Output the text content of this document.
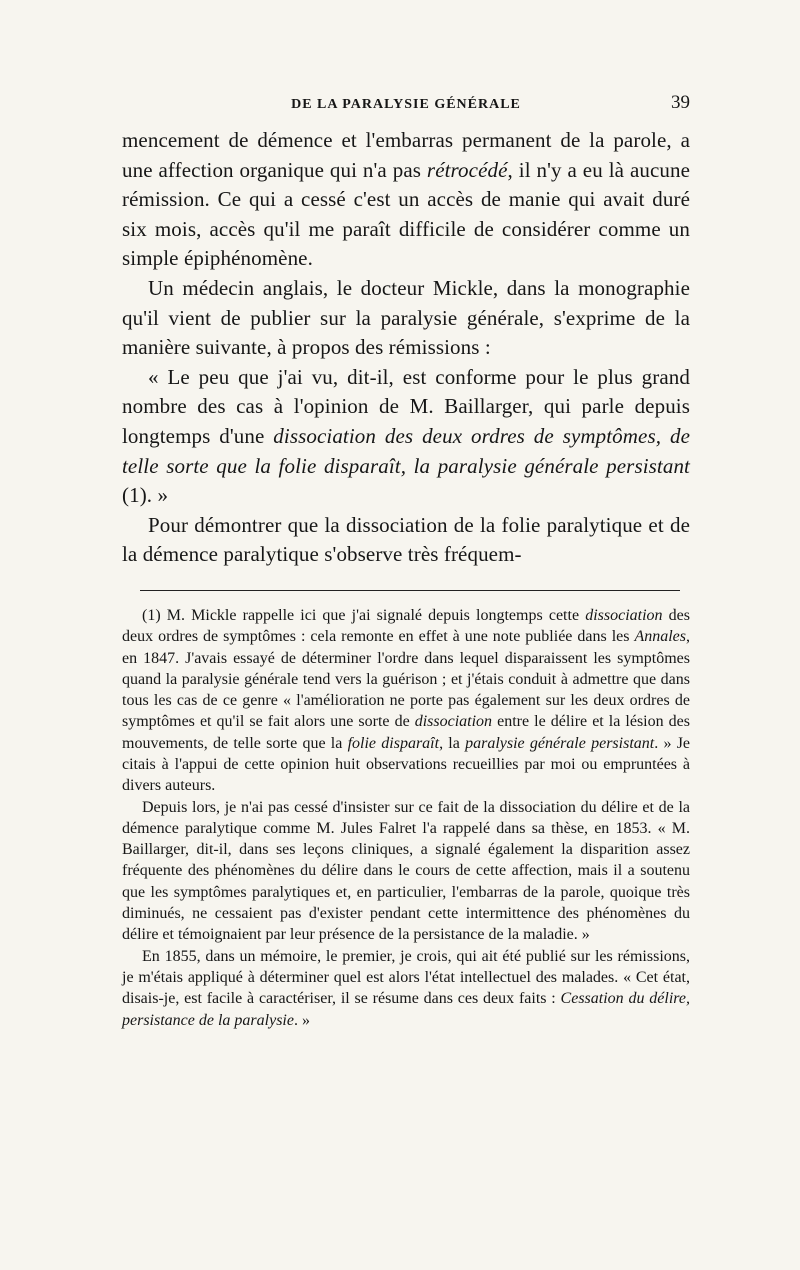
DE LA PARALYSIE GÉNÉRALE	39

mencement de démence et l'embarras permanent de la parole, a une affection organique qui n'a pas rétrocédé, il n'y a eu là aucune rémission. Ce qui a cessé c'est un accès de manie qui avait duré six mois, accès qu'il me paraît difficile de considérer comme un simple épiphénomène.

Un médecin anglais, le docteur Mickle, dans la monographie qu'il vient de publier sur la paralysie générale, s'exprime de la manière suivante, à propos des rémissions :

« Le peu que j'ai vu, dit-il, est conforme pour le plus grand nombre des cas à l'opinion de M. Baillarger, qui parle depuis longtemps d'une dissociation des deux ordres de symptômes, de telle sorte que la folie disparaît, la paralysie générale persistant (1). »

Pour démontrer que la dissociation de la folie paralytique et de la démence paralytique s'observe très fréquem-

(1) M. Mickle rappelle ici que j'ai signalé depuis longtemps cette dissociation des deux ordres de symptômes : cela remonte en effet à une note publiée dans les Annales, en 1847. J'avais essayé de déterminer l'ordre dans lequel disparaissent les symptômes quand la paralysie générale tend vers la guérison ; et j'étais conduit à admettre que dans tous les cas de ce genre « l'amélioration ne porte pas également sur les deux ordres de symptômes et qu'il se fait alors une sorte de dissociation entre le délire et la lésion des mouvements, de telle sorte que la folie disparaît, la paralysie générale persistant. » Je citais à l'appui de cette opinion huit observations recueillies par moi ou empruntées à divers auteurs.

Depuis lors, je n'ai pas cessé d'insister sur ce fait de la dissociation du délire et de la démence paralytique comme M. Jules Falret l'a rappelé dans sa thèse, en 1853. « M. Baillarger, dit-il, dans ses leçons cliniques, a signalé également la disparition assez fréquente des phénomènes du délire dans le cours de cette affection, mais il a soutenu que les symptômes paralytiques et, en particulier, l'embarras de la parole, quoique très diminués, ne cessaient pas d'exister pendant cette intermittence des phénomènes du délire et témoignaient par leur présence de la persistance de la maladie. »

En 1855, dans un mémoire, le premier, je crois, qui ait été publié sur les rémissions, je m'étais appliqué à déterminer quel est alors l'état intellectuel des malades. « Cet état, disais-je, est facile à caractériser, il se résume dans ces deux faits : Cessation du délire, persistance de la paralysie. »
